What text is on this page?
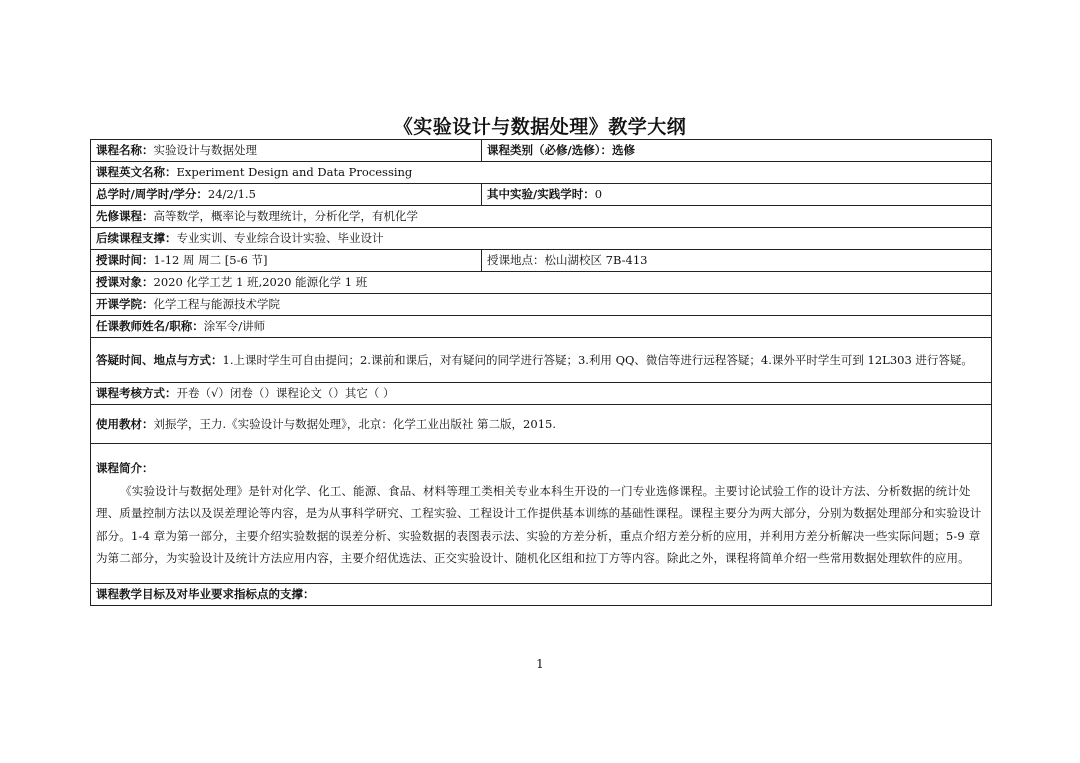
《实验设计与数据处理》教学大纲
课程名称：实验设计与数据处理	课程类别（必修/选修）：选修
课程英文名称：Experiment Design and Data Processing	
总学时/周学时/学分：24/2/1.5	其中实验/实践学时：0
先修课程：高等数学，概率论与数理统计，分析化学，有机化学	
后续课程支撑：专业实训、专业综合设计实验、毕业设计	
授课时间：1-12 周 周二 [5-6 节]	授课地点：松山湖校区 7B-413
授课对象：2020 化学工艺 1 班,2020 能源化学 1 班	
开课学院：化学工程与能源技术学院	
任课教师姓名/职称：涂军令/讲师	
答疑时间、地点与方式：1.上课时学生可自由提问；2.课前和课后，对有疑问的同学进行答疑；3.利用 QQ、微信等进行远程答疑；4.课外平时学生可到 12L303 进行答疑。	
课程考核方式：开卷（√）闭卷（）课程论文（）其它（ ）	
使用教材：刘振学，王力.《实验设计与数据处理》，北京：化学工业出版社 第二版，2015.	

课程简介：
《实验设计与数据处理》是针对化学、化工、能源、食品、材料等理工类相关专业本科生开设的一门专业选修课程。主要讨论试验工作的设计方法、分析数据的统计处理、质量控制方法以及误差理论等内容，是为从事科学研究、工程实验、工程设计工作提供基本训练的基础性课程。课程主要分为两大部分，分别为数据处理部分和实验设计部分。1-4 章为第一部分，主要介绍实验数据的误差分析、实验数据的表图表示法、实验的方差分析，重点介绍方差分析的应用，并利用方差分析解决一些实际问题；5-9 章为第二部分，为实验设计及统计方法应用内容，主要介绍优选法、正交实验设计、随机化区组和拉丁方等内容。除此之外，课程将简单介绍一些常用数据处理软件的应用。	

课程教学目标及对毕业要求指标点的支撑：	
1
